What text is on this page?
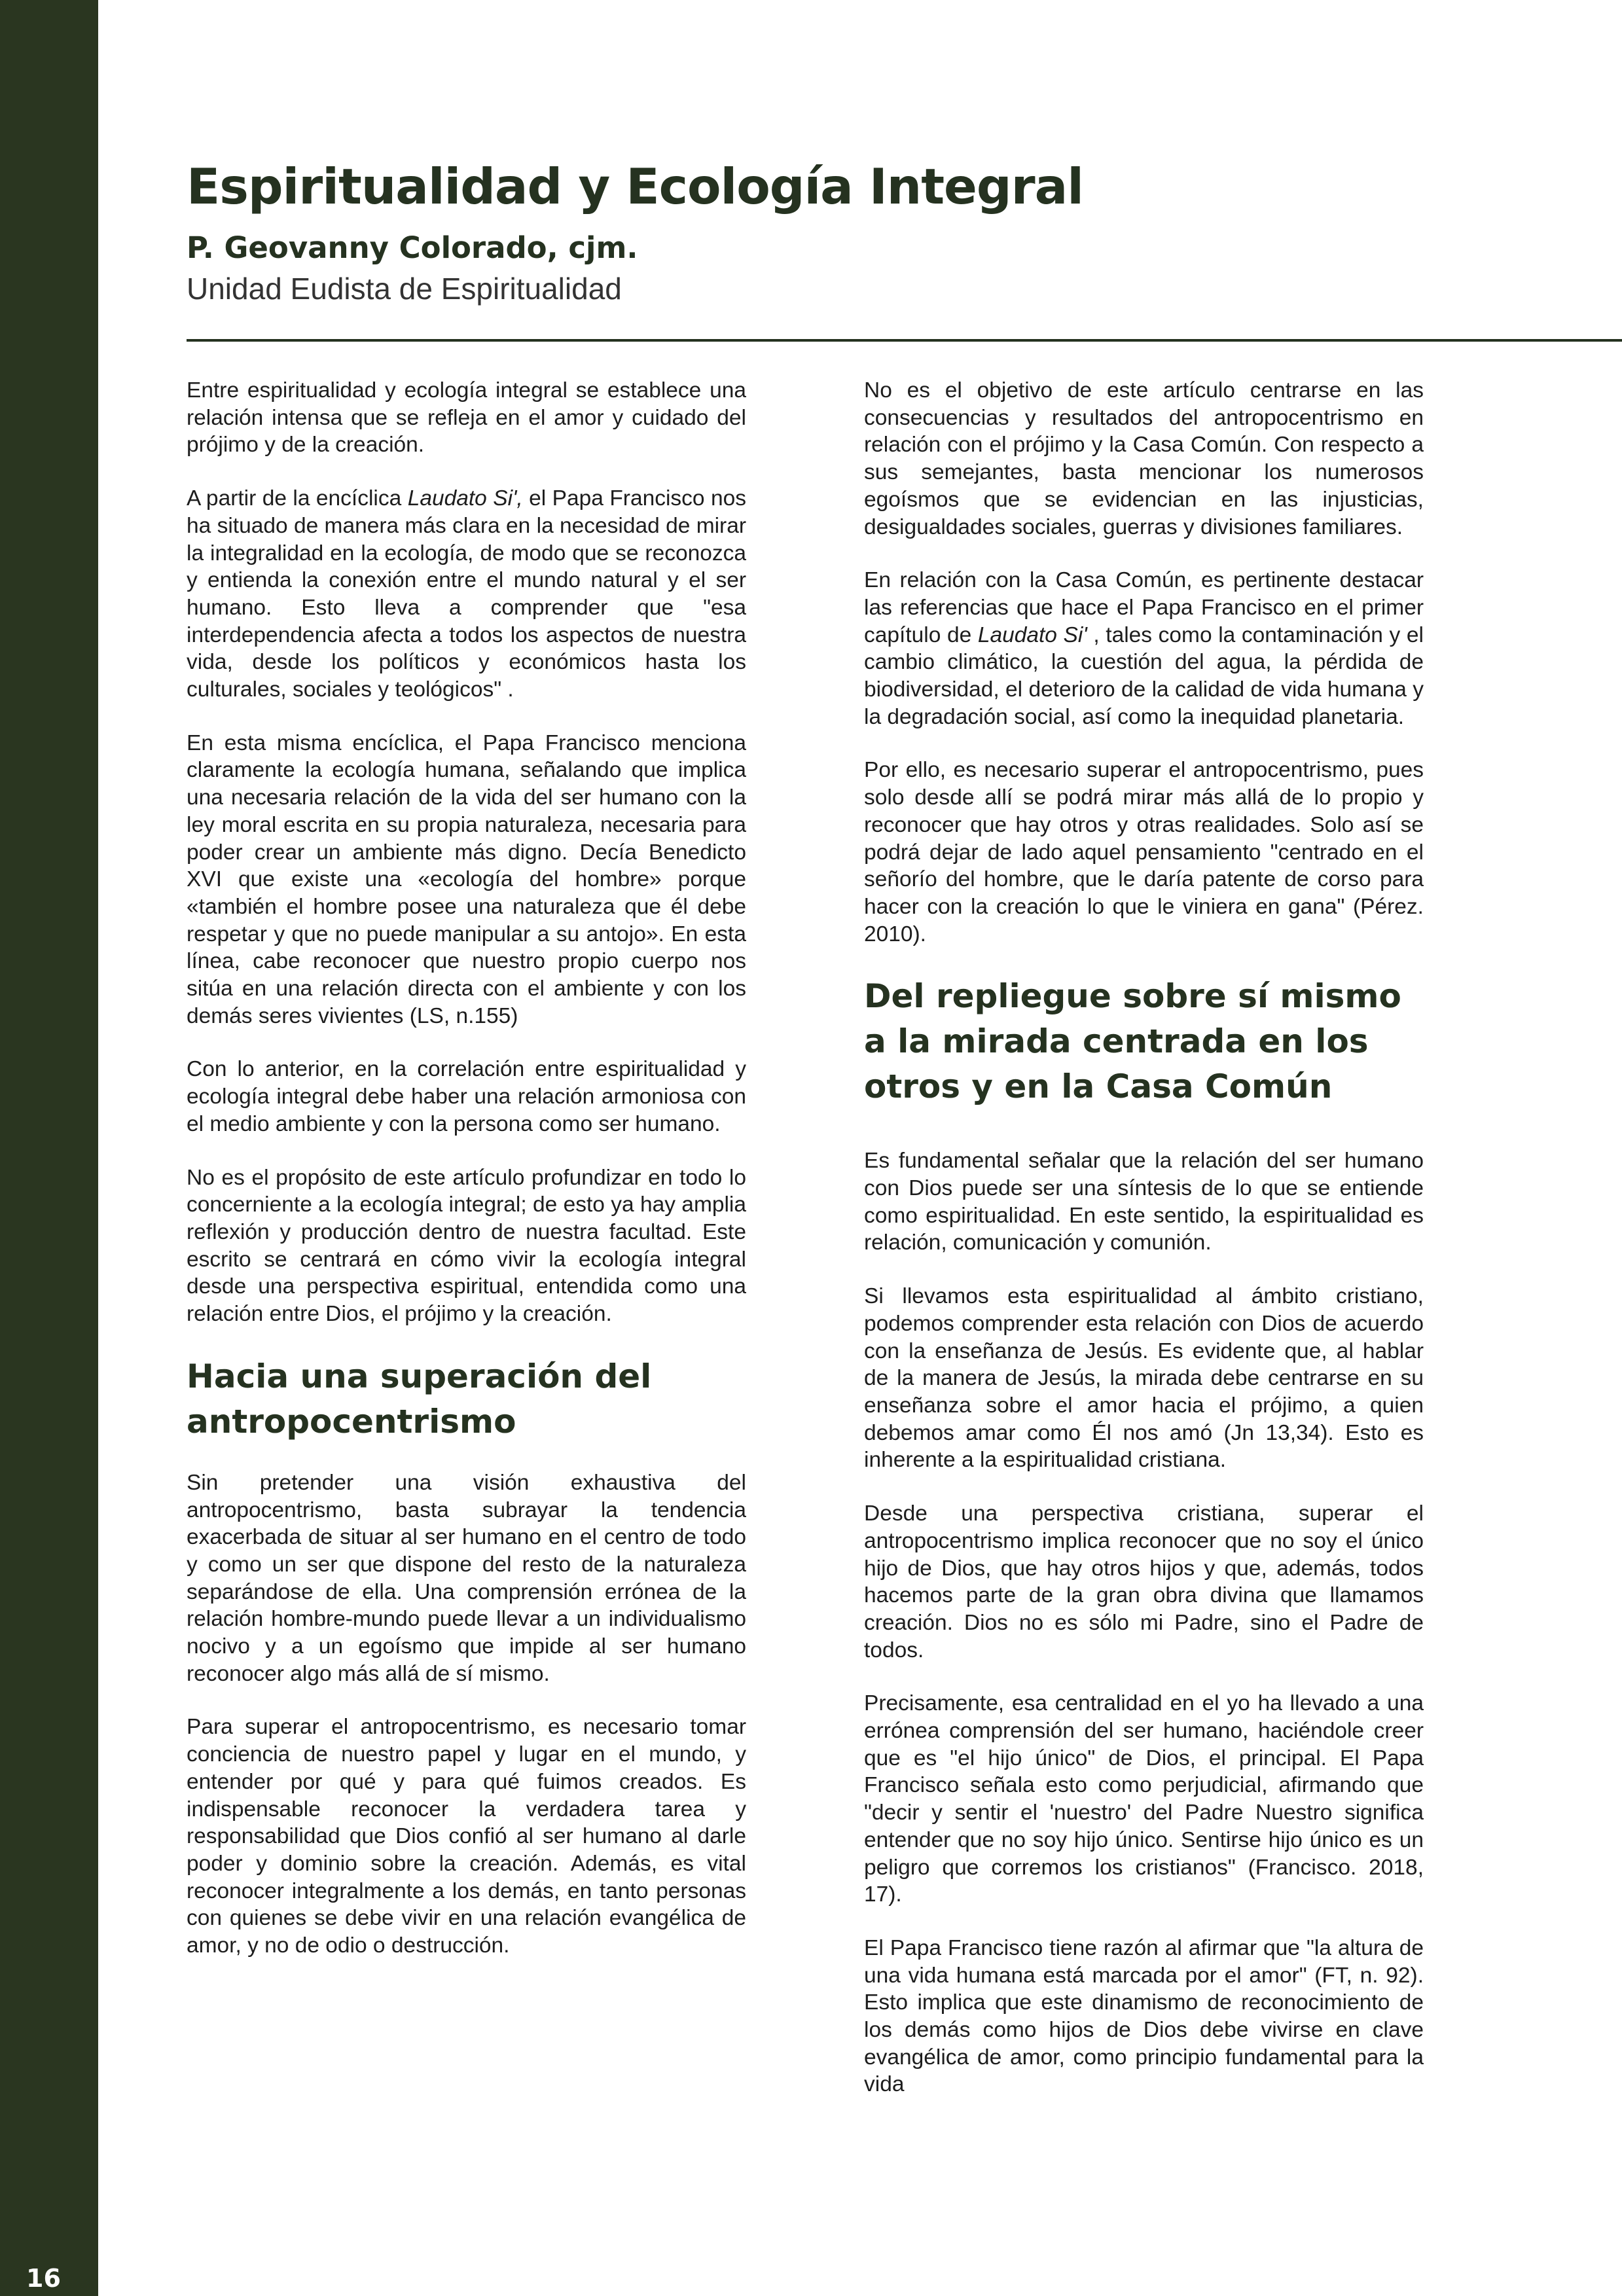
16

Espiritualidad y Ecología Integral

P. Geovanny Colorado, cjm.

Unidad Eudista de Espiritualidad

Entre espiritualidad y ecología integral se establece una relación intensa que se refleja en el amor y cuidado del prójimo y de la creación.

A partir de la encíclica Laudato Si', el Papa Francisco nos ha situado de manera más clara en la necesidad de mirar la integralidad en la ecología, de modo que se reconozca y entienda la conexión entre el mundo natural y el ser humano. Esto lleva a comprender que "esa interdependencia afecta a todos los aspectos de nuestra vida, desde los políticos y económicos hasta los culturales, sociales y teológicos" .

En esta misma encíclica, el Papa Francisco menciona claramente la ecología humana, señalando que implica una necesaria relación de la vida del ser humano con la ley moral escrita en su propia naturaleza, necesaria para poder crear un ambiente más digno. Decía Benedicto XVI que existe una «ecología del hombre» porque «también el hombre posee una naturaleza que él debe respetar y que no puede manipular a su antojo». En esta línea, cabe reconocer que nuestro propio cuerpo nos sitúa en una relación directa con el ambiente y con los demás seres vivientes (LS, n.155)

Con lo anterior, en la correlación entre espiritualidad y ecología integral debe haber una relación armoniosa con el medio ambiente y con la persona como ser humano.

No es el propósito de este artículo profundizar en todo lo concerniente a la ecología integral; de esto ya hay amplia reflexión y producción dentro de nuestra facultad. Este escrito se centrará en cómo vivir la ecología integral desde una perspectiva espiritual, entendida como una relación entre Dios, el prójimo y la creación.

Hacia una superación del antropocentrismo

Sin pretender una visión exhaustiva del antropocentrismo, basta subrayar la tendencia exacerbada de situar al ser humano en el centro de todo y como un ser que dispone del resto de la naturaleza separándose de ella. Una comprensión errónea de la relación hombre-mundo puede llevar a un individualismo nocivo y a un egoísmo que impide al ser humano reconocer algo más allá de sí mismo.

Para superar el antropocentrismo, es necesario tomar conciencia de nuestro papel y lugar en el mundo, y entender por qué y para qué fuimos creados. Es indispensable reconocer la verdadera tarea y responsabilidad que Dios confió al ser humano al darle poder y dominio sobre la creación. Además, es vital reconocer integralmente a los demás, en tanto personas con quienes se debe vivir en una relación evangélica de amor, y no de odio o destrucción.

No es el objetivo de este artículo centrarse en las consecuencias y resultados del antropocentrismo en relación con el prójimo y la Casa Común. Con respecto a sus semejantes, basta mencionar los numerosos egoísmos que se evidencian en las injusticias, desigualdades sociales, guerras y divisiones familiares.

En relación con la Casa Común, es pertinente destacar las referencias que hace el Papa Francisco en el primer capítulo de Laudato Si' , tales como la contaminación y el cambio climático, la cuestión del agua, la pérdida de biodiversidad, el deterioro de la calidad de vida humana y la degradación social, así como la inequidad planetaria.

Por ello, es necesario superar el antropocentrismo, pues solo desde allí se podrá mirar más allá de lo propio y reconocer que hay otros y otras realidades. Solo así se podrá dejar de lado aquel pensamiento "centrado en el señorío del hombre, que le daría patente de corso para hacer con la creación lo que le viniera en gana" (Pérez. 2010).

Del repliegue sobre sí mismo a la mirada centrada en los otros y en la Casa Común

Es fundamental señalar que la relación del ser humano con Dios puede ser una síntesis de lo que se entiende como espiritualidad. En este sentido, la espiritualidad es relación, comunicación y comunión.

Si llevamos esta espiritualidad al ámbito cristiano, podemos comprender esta relación con Dios de acuerdo con la enseñanza de Jesús. Es evidente que, al hablar de la manera de Jesús, la mirada debe centrarse en su enseñanza sobre el amor hacia el prójimo, a quien debemos amar como Él nos amó (Jn 13,34). Esto es inherente a la espiritualidad cristiana.

Desde una perspectiva cristiana, superar el antropocentrismo implica reconocer que no soy el único hijo de Dios, que hay otros hijos y que, además, todos hacemos parte de la gran obra divina que llamamos creación. Dios no es sólo mi Padre, sino el Padre de todos.

Precisamente, esa centralidad en el yo ha llevado a una errónea comprensión del ser humano, haciéndole creer que es "el hijo único" de Dios, el principal. El Papa Francisco señala esto como perjudicial, afirmando que "decir y sentir el 'nuestro' del Padre Nuestro significa entender que no soy hijo único. Sentirse hijo único es un peligro que corremos los cristianos" (Francisco. 2018, 17).

El Papa Francisco tiene razón al afirmar que "la altura de una vida humana está marcada por el amor" (FT, n. 92). Esto implica que este dinamismo de reconocimiento de los demás como hijos de Dios debe vivirse en clave evangélica de amor, como principio fundamental para la vida
